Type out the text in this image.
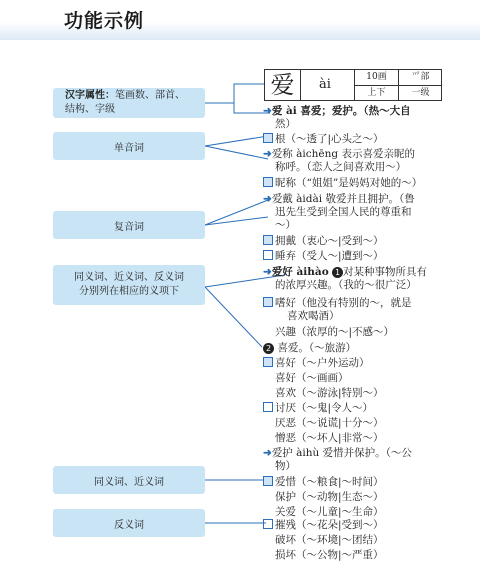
功能示例
汉字属性：笔画数、部首、
结构、字级
单音词
复音词
同义词、近义词、反义词
分别列在相应的义项下
同义词、近义词
反义词
爱	ài	10画	爫部
上下	一级
➜爱 ài 喜爱；爱护。（热～大自
然）
根（～透了|心头之～）
➜爱称 àichēng 表示喜爱亲昵的
称呼。（恋人之间喜欢用～）
昵称（“姐姐”是妈妈对她的～）
➜爱戴 àidài 敬爱并且拥护。（鲁
迅先生受到全国人民的尊重和
～）
拥戴（衷心～|受到～）
睡弃（受人～|遭到～）
➜爱好 àihào 1 对某种事物所具有
的浓厚兴趣。（我的～很广泛）
嗜好（他没有特别的～，就是
喜欢喝酒）
兴趣（浓厚的～|不感～）
2 喜爱。（～旅游）
喜好（～户外运动）
喜好（～画画）
喜欢（～游泳|特别～）
讨厌（～鬼|令人～）
厌恶（～说谎|十分～）
憎恶（～坏人|非常～）
➜爱护 àihù 爱惜并保护。（～公
物）
爱惜（～粮食|～时间）
保护（～动物|生态～）
关爱（～儿童|～生命）
摧残（～花朵|受到～）
破坏（～环境|～团结）
损坏（～公物|～严重）
